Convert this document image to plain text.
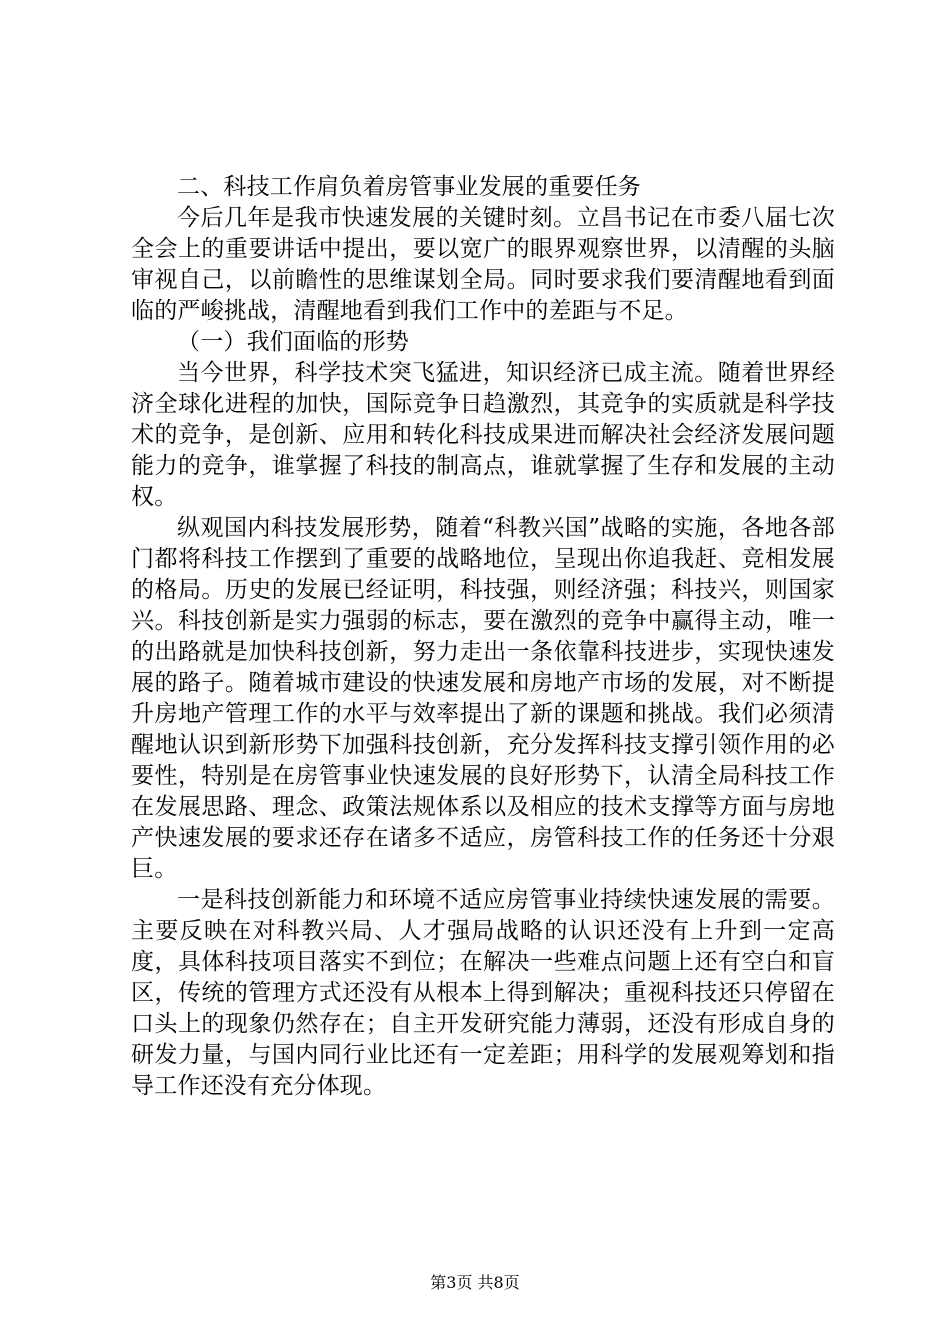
二、科技工作肩负着房管事业发展的重要任务

今后几年是我市快速发展的关键时刻。立昌书记在市委八届七次全会上的重要讲话中提出，要以宽广的眼界观察世界，以清醒的头脑审视自己，以前瞻性的思维谋划全局。同时要求我们要清醒地看到面临的严峻挑战，清醒地看到我们工作中的差距与不足。

（一）我们面临的形势

当今世界，科学技术突飞猛进，知识经济已成主流。随着世界经济全球化进程的加快，国际竞争日趋激烈，其竞争的实质就是科学技术的竞争，是创新、应用和转化科技成果进而解决社会经济发展问题能力的竞争，谁掌握了科技的制高点，谁就掌握了生存和发展的主动权。

纵观国内科技发展形势，随着“科教兴国”战略的实施，各地各部门都将科技工作摆到了重要的战略地位，呈现出你追我赶、竞相发展的格局。历史的发展已经证明，科技强，则经济强；科技兴，则国家兴。科技创新是实力强弱的标志，要在激烈的竞争中赢得主动，唯一的出路就是加快科技创新，努力走出一条依靠科技进步，实现快速发展的路子。随着城市建设的快速发展和房地产市场的发展，对不断提升房地产管理工作的水平与效率提出了新的课题和挑战。我们必须清醒地认识到新形势下加强科技创新，充分发挥科技支撑引领作用的必要性，特别是在房管事业快速发展的良好形势下，认清全局科技工作在发展思路、理念、政策法规体系以及相应的技术支撑等方面与房地产快速发展的要求还存在诸多不适应，房管科技工作的任务还十分艰巨。

一是科技创新能力和环境不适应房管事业持续快速发展的需要。主要反映在对科教兴局、人才强局战略的认识还没有上升到一定高度，具体科技项目落实不到位；在解决一些难点问题上还有空白和盲区，传统的管理方式还没有从根本上得到解决；重视科技还只停留在口头上的现象仍然存在；自主开发研究能力薄弱，还没有形成自身的研发力量，与国内同行业比还有一定差距；用科学的发展观筹划和指导工作还没有充分体现。

第3页 共8页
